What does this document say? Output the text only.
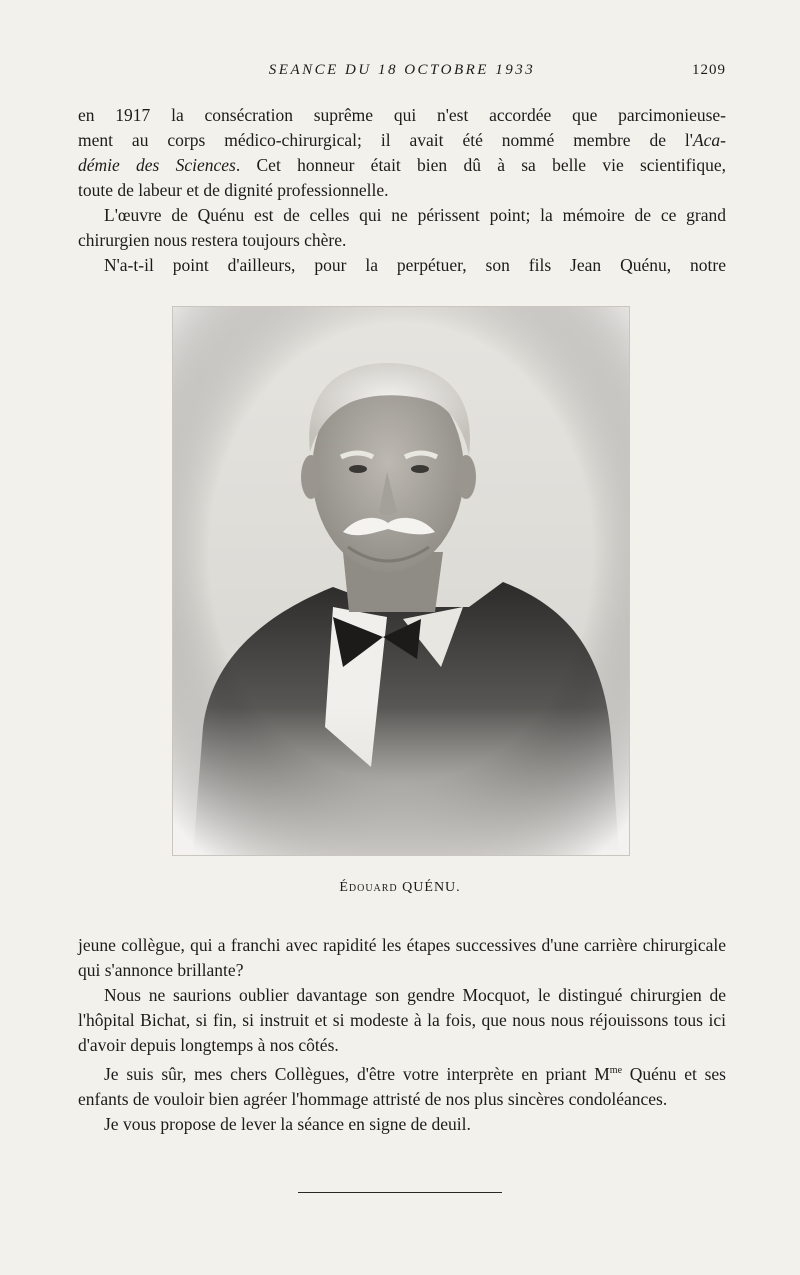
SEANCE DU 18 OCTOBRE 1933	1209

en 1917 la consécration suprême qui n'est accordée que parcimonieuse-
ment au corps médico-chirurgical; il avait été nommé membre de l'Aca-
démie des Sciences. Cet honneur était bien dû à sa belle vie scientifique,
toute de labeur et de dignité professionnelle.

L'œuvre de Quénu est de celles qui ne périssent point; la mémoire de ce grand chirurgien nous restera toujours chère.

N'a-t-il point d'ailleurs, pour la perpétuer, son fils Jean Quénu, notre

Édouard QUÉNU.

jeune collègue, qui a franchi avec rapidité les étapes successives d'une carrière chirurgicale qui s'annonce brillante?

Nous ne saurions oublier davantage son gendre Mocquot, le distingué chirurgien de l'hôpital Bichat, si fin, si instruit et si modeste à la fois, que nous nous réjouissons tous ici d'avoir depuis longtemps à nos côtés.

Je suis sûr, mes chers Collègues, d'être votre interprète en priant $M^{me}$ Quénu et ses enfants de vouloir bien agréer l'hommage attristé de nos plus sincères condoléances.

Je vous propose de lever la séance en signe de deuil.
